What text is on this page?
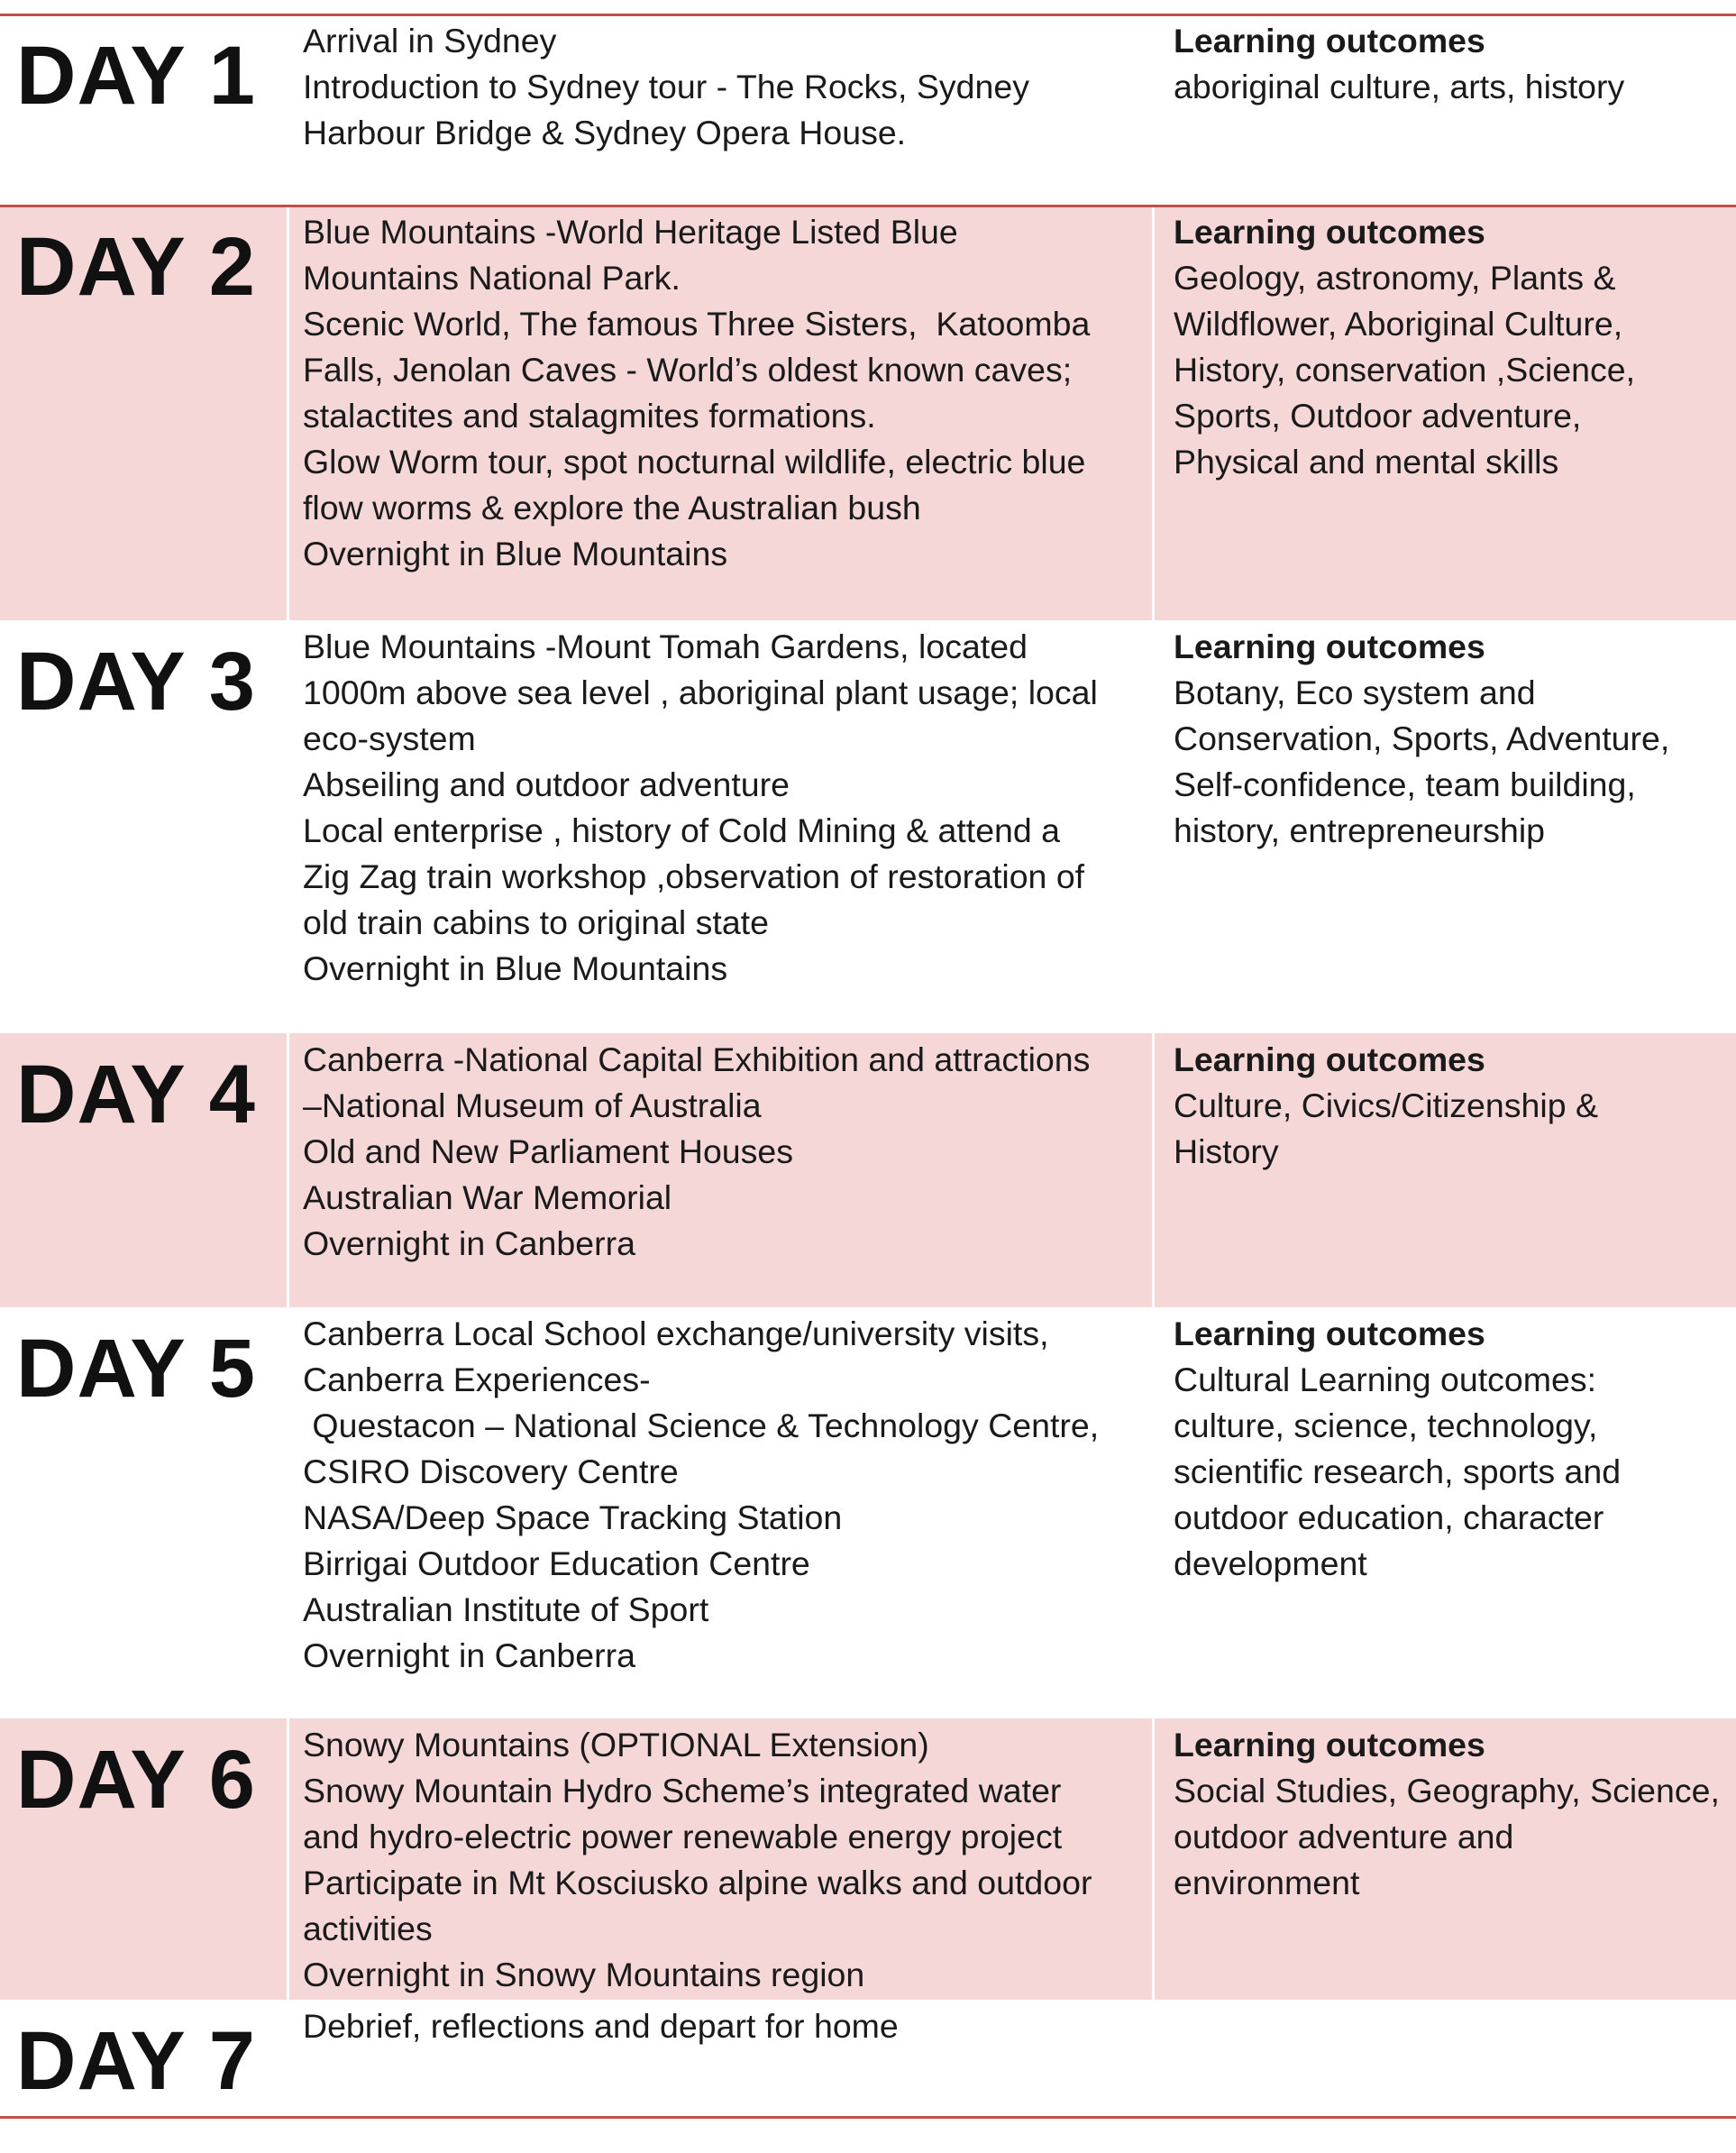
DAY 1 Arrival in Sydney
Introduction to Sydney tour - The Rocks, Sydney
Harbour Bridge & Sydney Opera House.
Learning outcomes
aboriginal culture, arts, history
DAY 2 Blue Mountains -World Heritage Listed Blue
Mountains National Park.
Scenic World, The famous Three Sisters,  Katoomba
Falls, Jenolan Caves - World’s oldest known caves;
stalactites and stalagmites formations.
Glow Worm tour, spot nocturnal wildlife, electric blue
flow worms & explore the Australian bush
Overnight in Blue Mountains
Learning outcomes
Geology, astronomy, Plants &
Wildflower, Aboriginal Culture,
History, conservation ,Science,
Sports, Outdoor adventure,
Physical and mental skills
DAY 3 Blue Mountains -Mount Tomah Gardens, located
1000m above sea level , aboriginal plant usage; local
eco-system
Abseiling and outdoor adventure
Local enterprise , history of Cold Mining & attend a
Zig Zag train workshop ,observation of restoration of
old train cabins to original state
Overnight in Blue Mountains
Learning outcomes
Botany, Eco system and
Conservation, Sports, Adventure,
Self-confidence, team building,
history, entrepreneurship
DAY 4 Canberra -National Capital Exhibition and attractions
–National Museum of Australia
Old and New Parliament Houses
Australian War Memorial
Overnight in Canberra
Learning outcomes
Culture, Civics/Citizenship &
History
DAY 5 Canberra Local School exchange/university visits,
Canberra Experiences-
Questacon – National Science & Technology Centre,
CSIRO Discovery Centre
NASA/Deep Space Tracking Station
Birrigai Outdoor Education Centre
Australian Institute of Sport
Overnight in Canberra
Learning outcomes
Cultural Learning outcomes:
culture, science, technology,
scientific research, sports and
outdoor education, character
development
DAY 6 Snowy Mountains (OPTIONAL Extension)
Snowy Mountain Hydro Scheme’s integrated water
and hydro-electric power renewable energy project
Participate in Mt Kosciusko alpine walks and outdoor
activities
Overnight in Snowy Mountains region
Learning outcomes
Social Studies, Geography, Science,
outdoor adventure and
environment
DAY 7 Debrief, reflections and depart for home
